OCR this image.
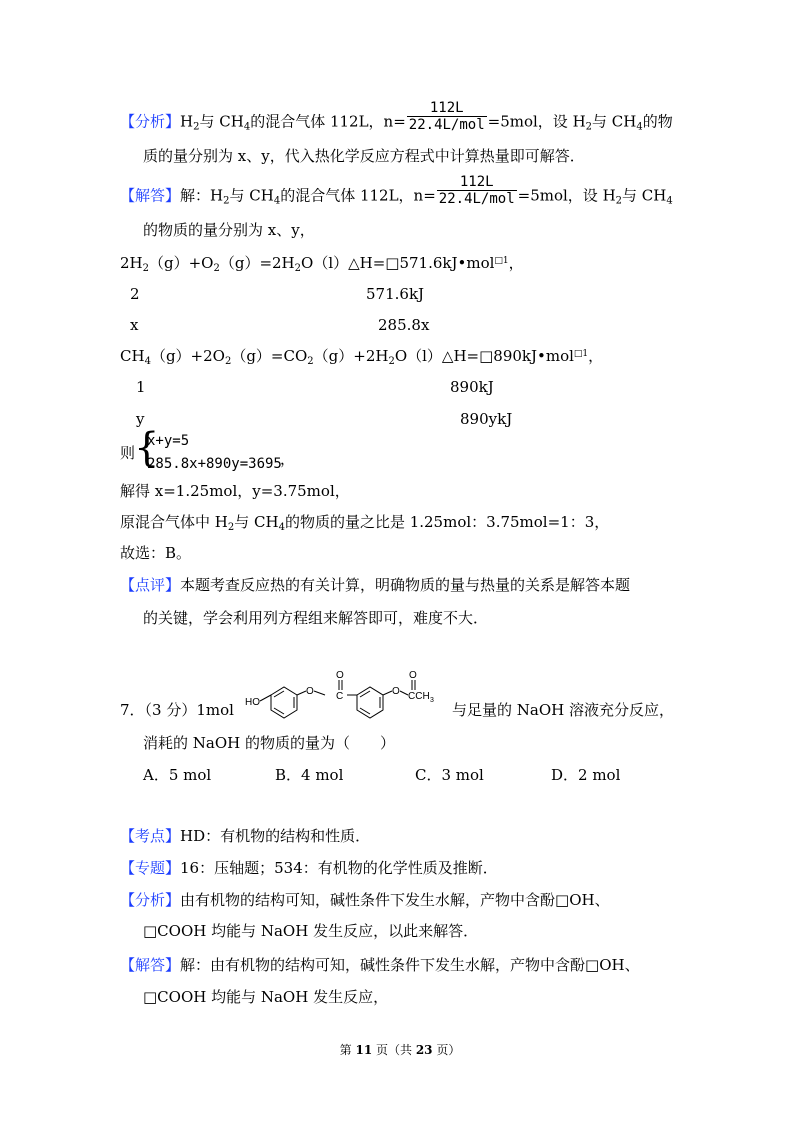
【分析】$H_2$与 $CH_4$的混合气体 112L，$n= \frac{112L}{\text{22.4L/mol}} =5mol$，设 $H_2$与 $CH_4$的物
质的量分别为 x、y，代入热化学反应方程式中计算热量即可解答．
【解答】解：$H_2$与 $CH_4$的混合气体 112L，$n= \frac{112L}{\text{22.4L/mol}} =5mol$，设 $H_2$与 $CH_4$
的物质的量分别为 x、y，
$2H_2(g)+O_2(g)=2H_2O(l)\triangle H=□571.6kJ•mol^{□1}$，
2	571.6kJ
x	285.8x
$CH_4(g)+2O_2(g)=CO_2(g)+2H_2O(l)\triangle H=□890kJ•mol^{□1}$，
1	890kJ
y	890ykJ
则
{
x+y=5
285.8x+890y=3695
，
解得 x=1.25mol，y=3.75mol，
原混合气体中 $H_2$与 $CH_4$的物质的量之比是 1.25mol：3.75mol=1：3，
故选：B。
【点评】本题考查反应热的有关计算，明确物质的量与热量的关系是解答本题
的关键，学会利用列方程组来解答即可，难度不大．
7．（3 分）1mol HO
O
O
C	O
O
CCH 3
与足量的 NaOH 溶液充分反应，
消耗的 NaOH 的物质的量为（　　）
A．5 mol	B．4 mol	C．3 mol	D．2 mol
【考点】HD：有机物的结构和性质．
【专题】16：压轴题；534：有机物的化学性质及推断．
【分析】由有机物的结构可知，碱性条件下发生水解，产物中含酚□OH、
□COOH 均能与 NaOH 发生反应，以此来解答．
【解答】解：由有机物的结构可知，碱性条件下发生水解，产物中含酚□OH、
□COOH 均能与 NaOH 发生反应，
第 11 页（共 23 页）
